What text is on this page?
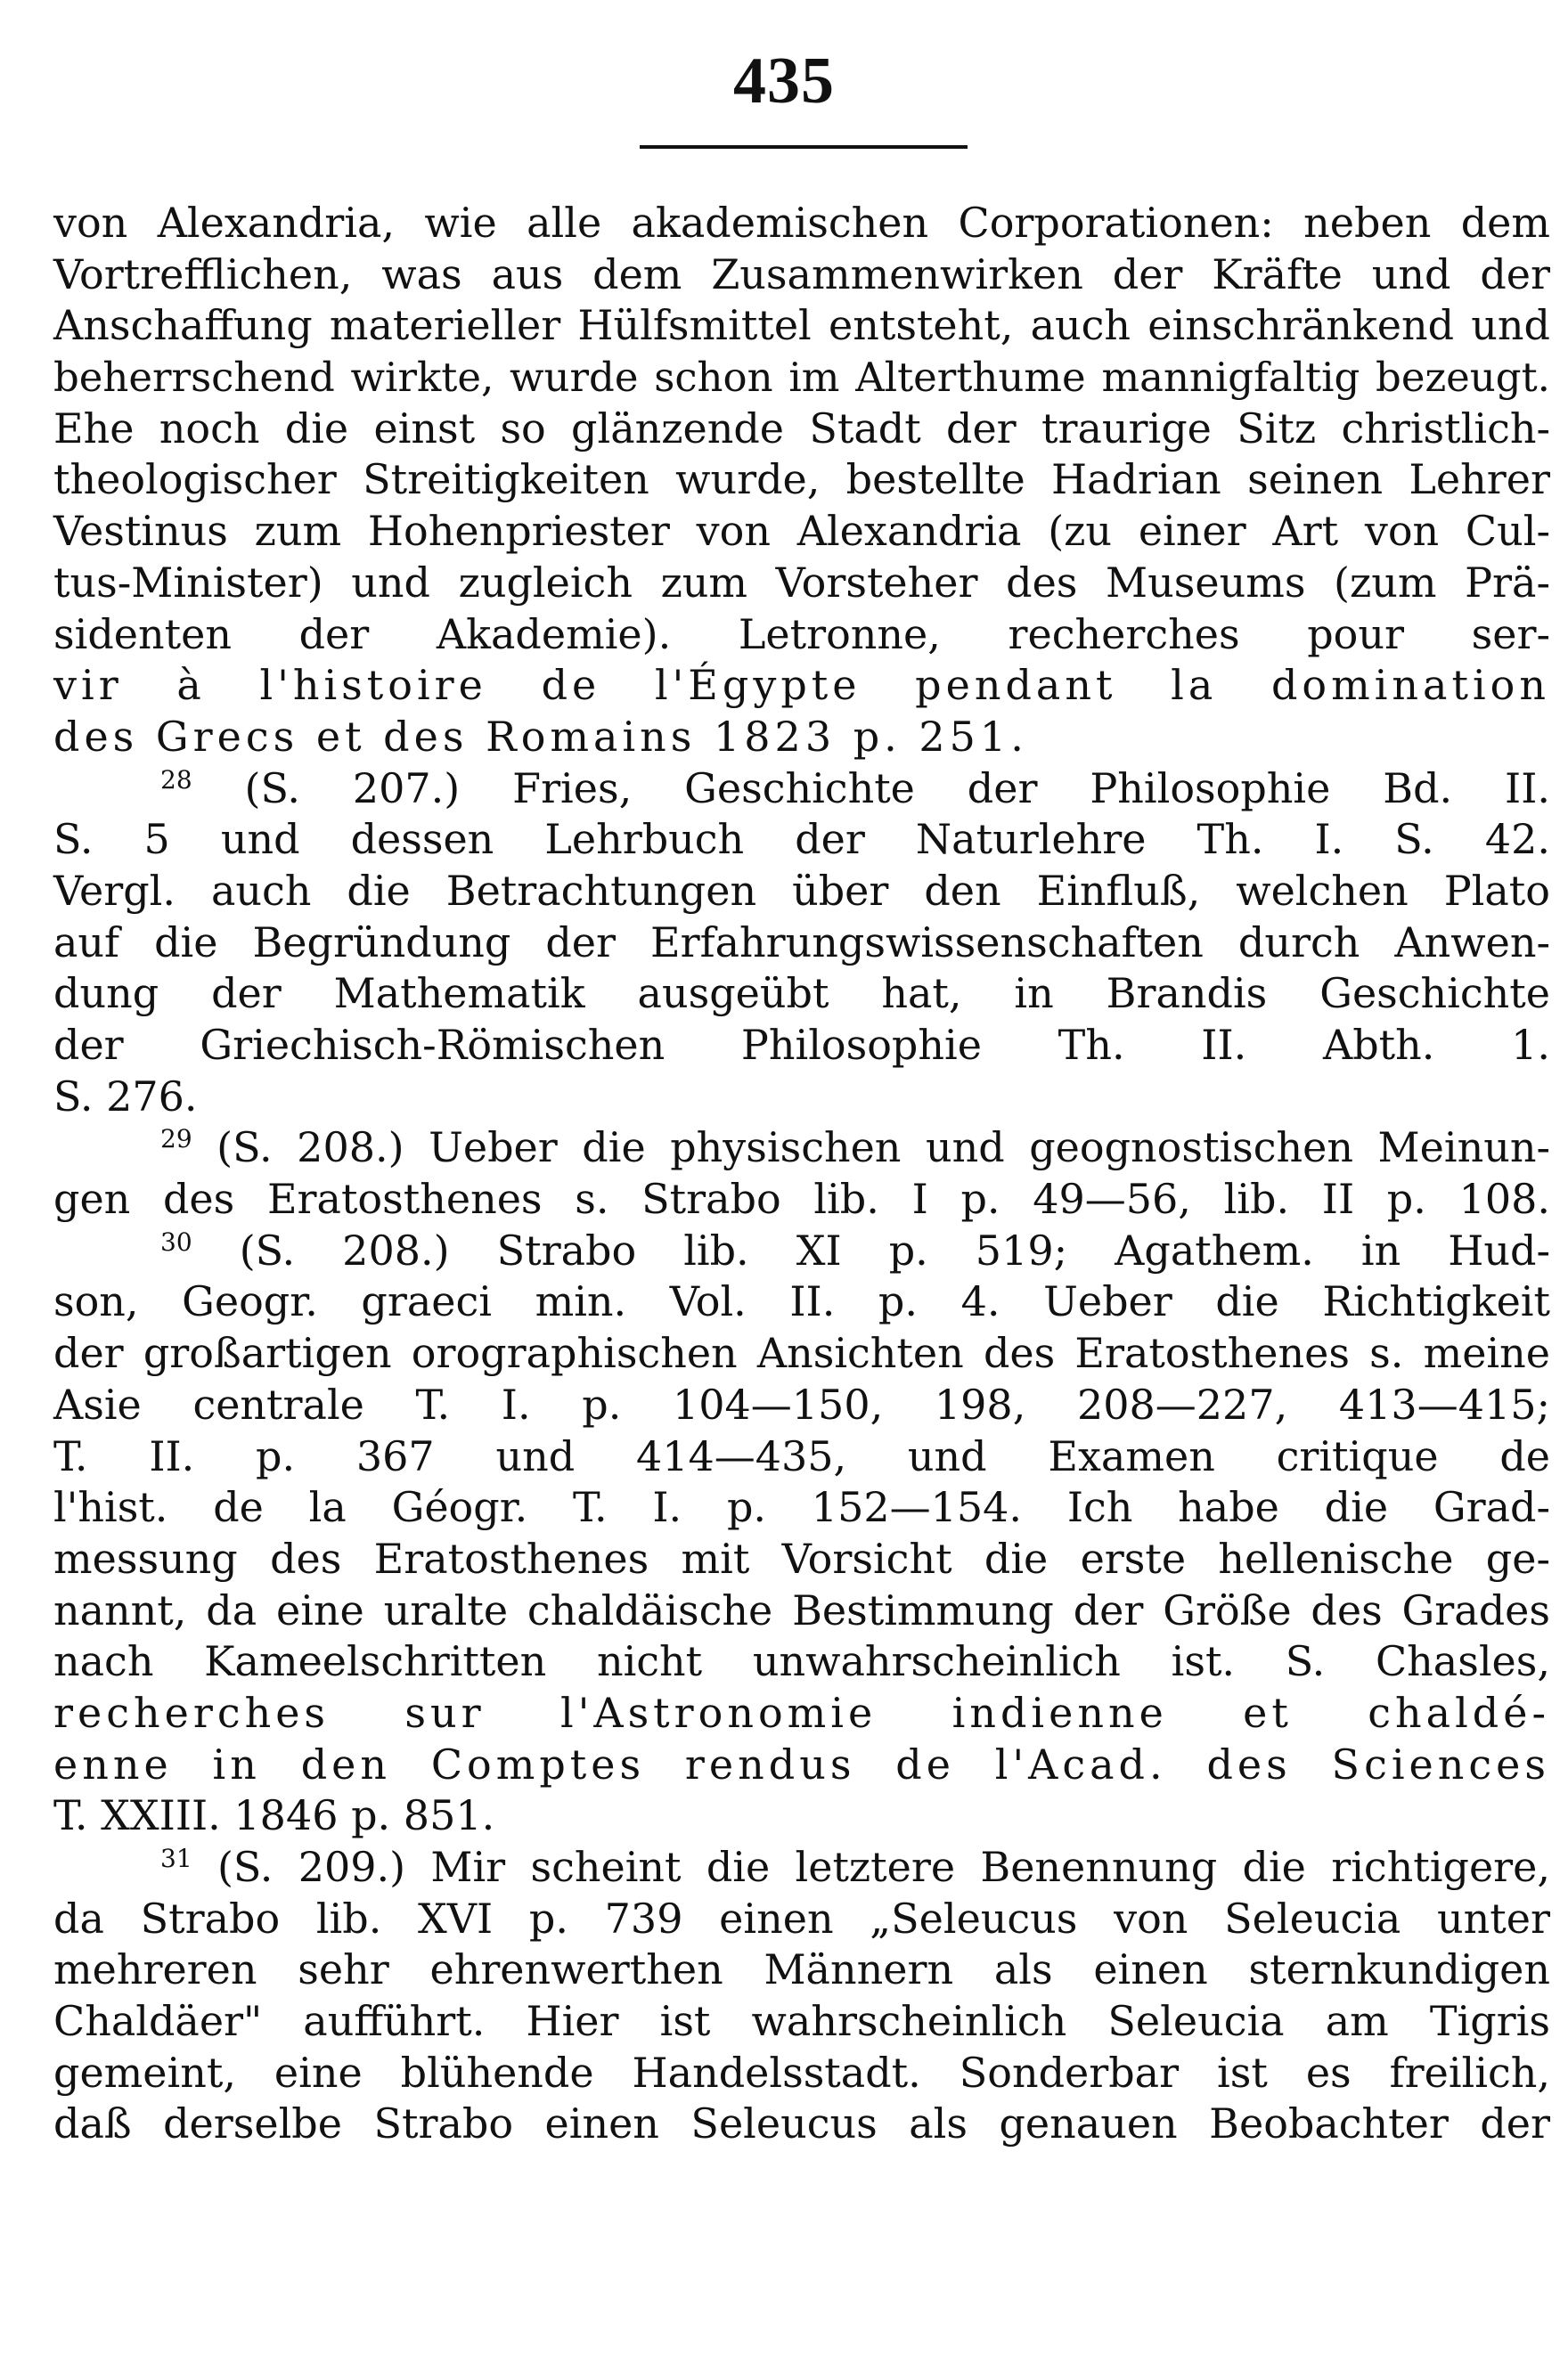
435
von Alexandria, wie alle akademischen Corporationen: neben dem
Vortrefflichen, was aus dem Zusammenwirken der Kräfte und der
Anschaffung materieller Hülfsmittel entsteht, auch einschränkend und
beherrschend wirkte, wurde schon im Alterthume mannigfaltig bezeugt.
Ehe noch die einst so glänzende Stadt der traurige Sitz christlich-
theologischer Streitigkeiten wurde, bestellte Hadrian seinen Lehrer
Vestinus zum Hohenpriester von Alexandria (zu einer Art von Cul-
tus-Minister) und zugleich zum Vorsteher des Museums (zum Prä-
sidenten der Akademie). Letronne, recherches pour ser-
vir à l'histoire de l'Égypte pendant la domination
des Grecs et des Romains 1823 p. 251.
$^{28}$ (S. 207.) Fries, Geschichte der Philosophie Bd. II.
S. 5 und dessen Lehrbuch der Naturlehre Th. I. S. 42.
Vergl. auch die Betrachtungen über den Einfluß, welchen Plato
auf die Begründung der Erfahrungswissenschaften durch Anwen-
dung der Mathematik ausgeübt hat, in Brandis Geschichte
der Griechisch-Römischen Philosophie Th. II. Abth. 1.
S. 276.
$^{29}$ (S. 208.) Ueber die physischen und geognostischen Meinun-
gen des Eratosthenes s. Strabo lib. I p. 49—56, lib. II p. 108.
$^{30}$ (S. 208.) Strabo lib. XI p. 519; Agathem. in Hud-
son, Geogr. graeci min. Vol. II. p. 4. Ueber die Richtigkeit
der großartigen orographischen Ansichten des Eratosthenes s. meine
Asie centrale T. I. p. 104—150, 198, 208—227, 413—415;
T. II. p. 367 und 414—435, und Examen critique de
l'hist. de la Géogr. T. I. p. 152—154. Ich habe die Grad-
messung des Eratosthenes mit Vorsicht die erste hellenische ge-
nannt, da eine uralte chaldäische Bestimmung der Größe des Grades
nach Kameelschritten nicht unwahrscheinlich ist. S. Chasles,
recherches sur l'Astronomie indienne et chaldé-
enne in den Comptes rendus de l'Acad. des Sciences
T. XXIII. 1846 p. 851.
$^{31}$ (S. 209.) Mir scheint die letztere Benennung die richtigere,
da Strabo lib. XVI p. 739 einen „Seleucus von Seleucia unter
mehreren sehr ehrenwerthen Männern als einen sternkundigen
Chaldäer" aufführt. Hier ist wahrscheinlich Seleucia am Tigris
gemeint, eine blühende Handelsstadt. Sonderbar ist es freilich,
daß derselbe Strabo einen Seleucus als genauen Beobachter der
